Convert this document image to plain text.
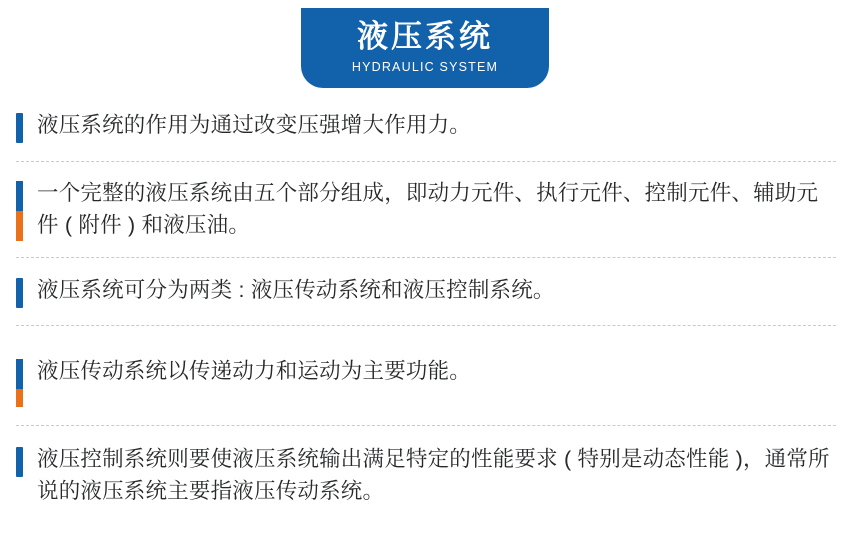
液压系统
HYDRAULIC SYSTEM
液压系统的作用为通过改变压强增大作用力。
一个完整的液压系统由五个部分组成，即动力元件、执行元件、控制元件、辅助元件 ( 附件 ) 和液压油。
液压系统可分为两类 : 液压传动系统和液压控制系统。
液压传动系统以传递动力和运动为主要功能。
液压控制系统则要使液压系统输出满足特定的性能要求 ( 特别是动态性能 )，通常所说的液压系统主要指液压传动系统。
